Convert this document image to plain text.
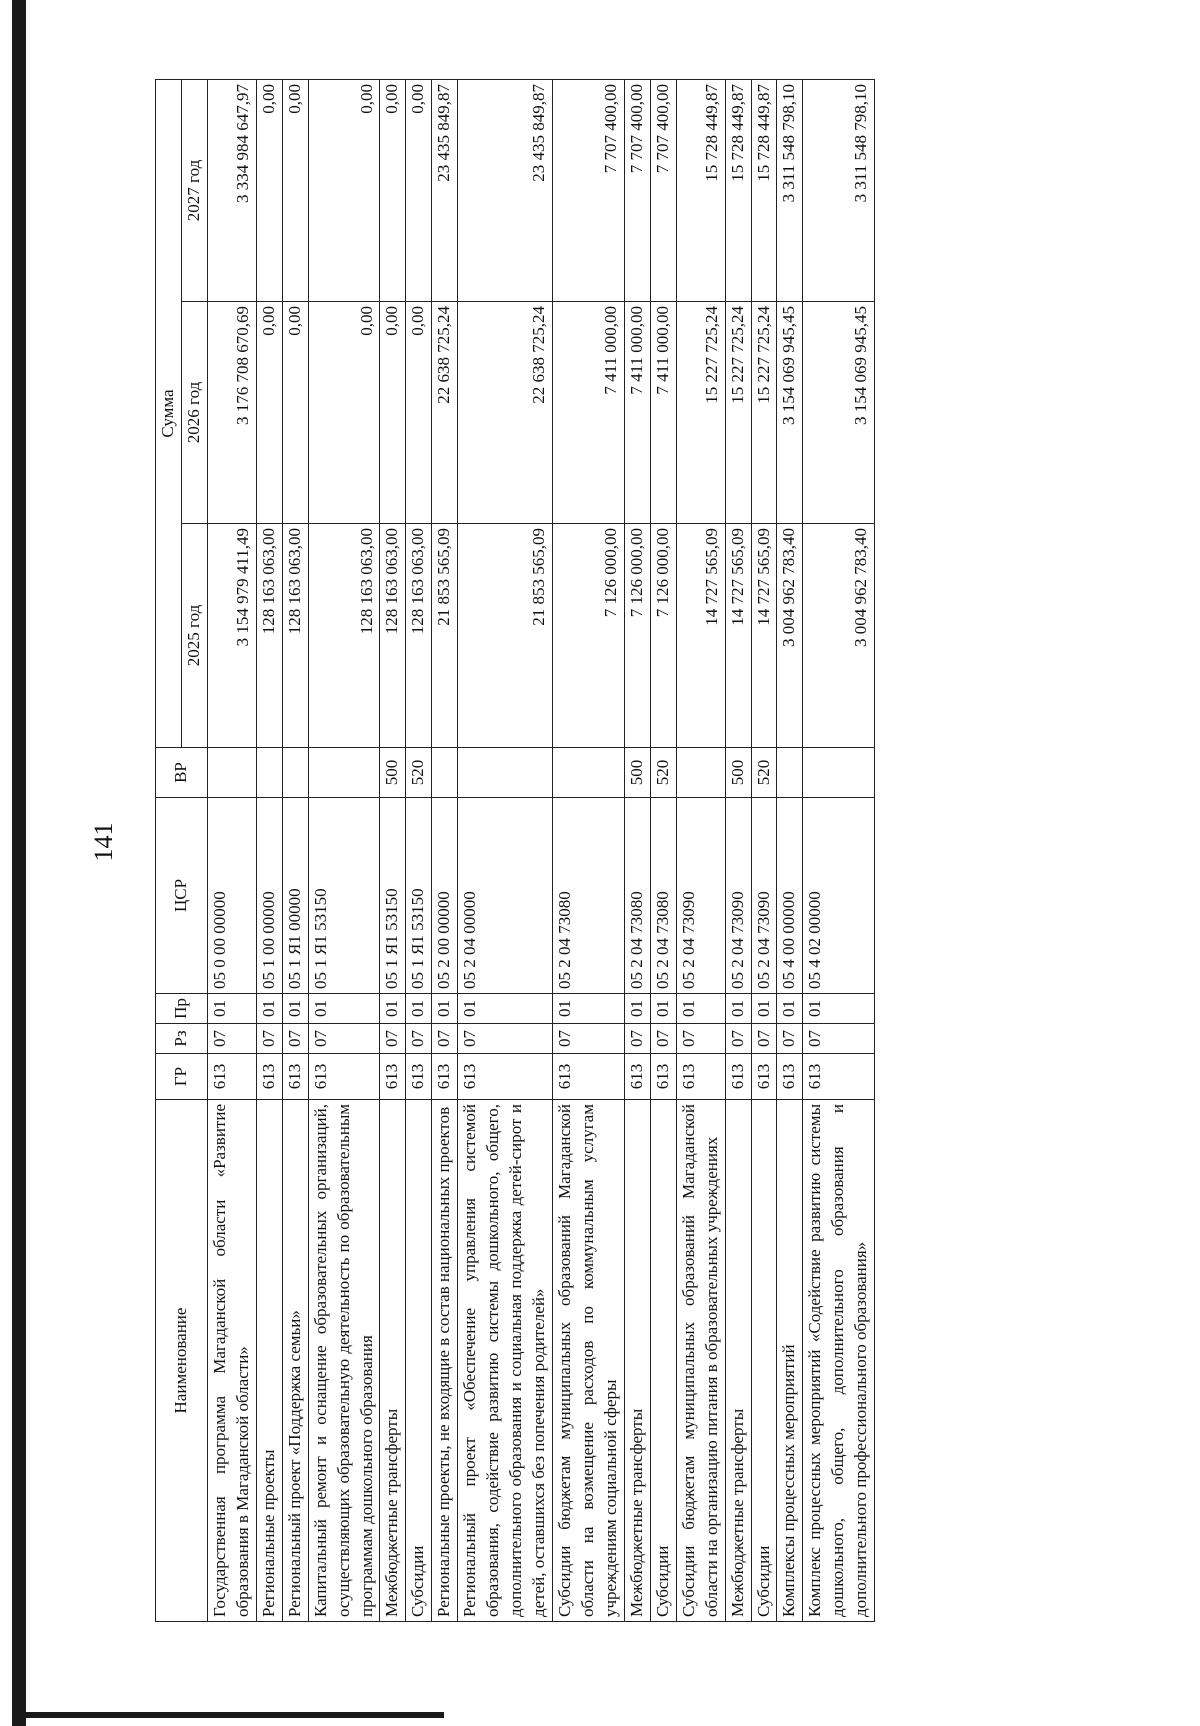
141
Наименование	ГР	Рз	Пр	ЦСР	ВР	Сумма		
						2025 год	2026 год	2027 год
Государственная программа Магаданской области «Развитие образования в Магаданской области»	613	07	01	05 0 00 00000		3 154 979 411,49	3 176 708 670,69	3 334 984 647,97
Региональные проекты	613	07	01	05 1 00 00000		128 163 063,00	0,00	0,00
Региональный проект «Поддержка семьи»	613	07	01	05 1 Я1 00000		128 163 063,00	0,00	0,00
Капитальный ремонт и оснащение образовательных организаций, осуществляющих образовательную деятельность по образовательным программам дошкольного образования	613	07	01	05 1 Я1 53150		128 163 063,00	0,00	0,00
Межбюджетные трансферты	613	07	01	05 1 Я1 53150	500	128 163 063,00	0,00	0,00
Субсидии	613	07	01	05 1 Я1 53150	520	128 163 063,00	0,00	0,00
Региональные проекты, не входящие в состав национальных проектов	613	07	01	05 2 00 00000		21 853 565,09	22 638 725,24	23 435 849,87
Региональный проект «Обеспечение управления системой образования, содействие развитию системы дошкольного, общего, дополнительного образования и социальная поддержка детей-сирот и детей, оставшихся без попечения родителей»	613	07	01	05 2 04 00000		21 853 565,09	22 638 725,24	23 435 849,87
Субсидии бюджетам муниципальных образований Магаданской области на возмещение расходов по коммунальным услугам учреждениям социальной сферы	613	07	01	05 2 04 73080		7 126 000,00	7 411 000,00	7 707 400,00
Межбюджетные трансферты	613	07	01	05 2 04 73080	500	7 126 000,00	7 411 000,00	7 707 400,00
Субсидии	613	07	01	05 2 04 73080	520	7 126 000,00	7 411 000,00	7 707 400,00
Субсидии бюджетам муниципальных образований Магаданской области на организацию питания в образовательных учреждениях	613	07	01	05 2 04 73090		14 727 565,09	15 227 725,24	15 728 449,87
Межбюджетные трансферты	613	07	01	05 2 04 73090	500	14 727 565,09	15 227 725,24	15 728 449,87
Субсидии	613	07	01	05 2 04 73090	520	14 727 565,09	15 227 725,24	15 728 449,87
Комплексы процессных мероприятий	613	07	01	05 4 00 00000		3 004 962 783,40	3 154 069 945,45	3 311 548 798,10
Комплекс процессных мероприятий «Содействие развитию системы дошкольного, общего, дополнительного образования и дополнительного профессионального образования»	613	07	01	05 4 02 00000		3 004 962 783,40	3 154 069 945,45	3 311 548 798,10
